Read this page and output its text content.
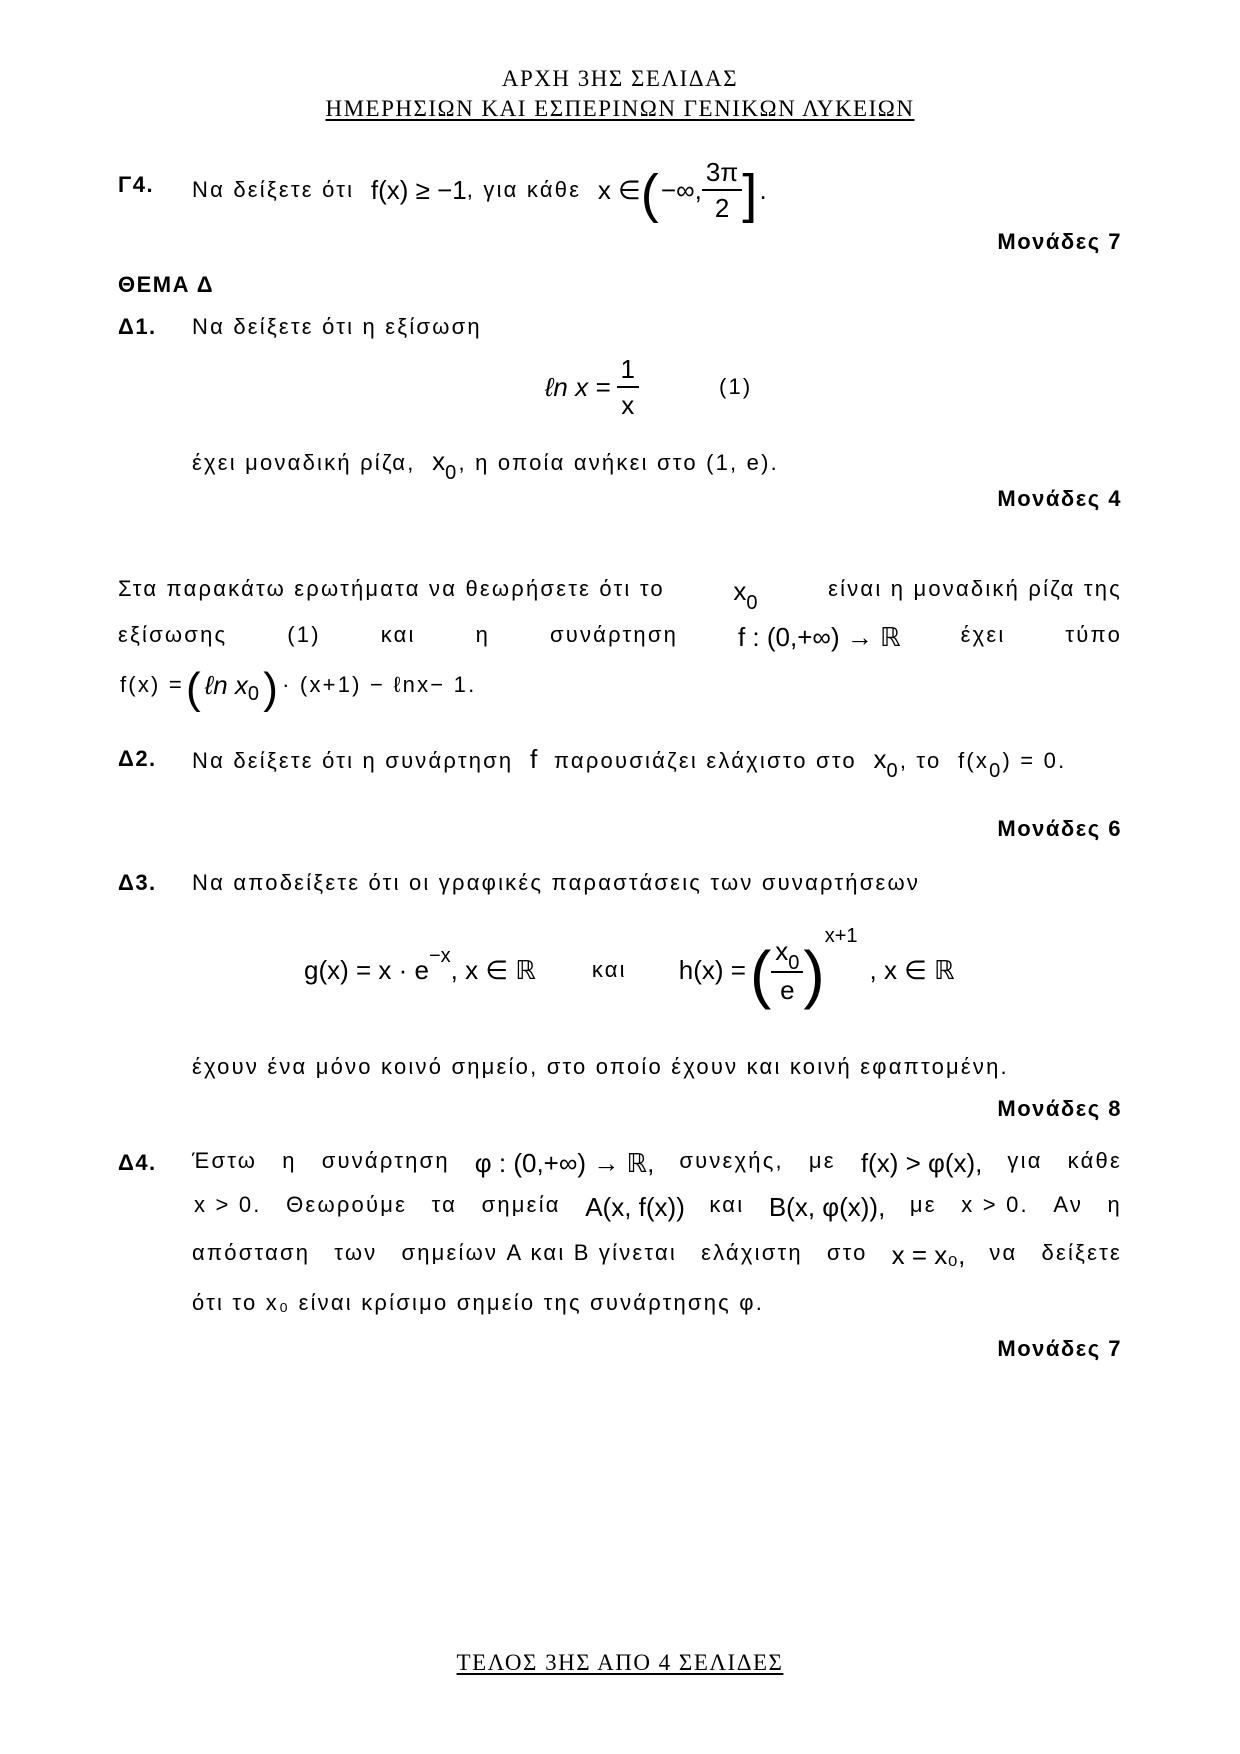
ΑΡΧΗ 3ΗΣ ΣΕΛΙΔΑΣ
ΗΜΕΡΗΣΙΩΝ ΚΑΙ ΕΣΠΕΡΙΝΩΝ ΓΕΝΙΚΩΝ ΛΥΚΕΙΩΝ
Γ4. Να δείξετε ότι
f(x) ≥ −1 , για κάθε
x ∈ ( −∞, $\frac{3\pi}{2}$ ] .
Μονάδες 7
ΘΕΜΑ Δ
Δ1. Να δείξετε ότι η εξίσωση
ℓn $x = \frac{1}{x}$	(1)
έχει μοναδική ρίζα, x0, η οποία ανήκει στο (1, e).
Μονάδες 4
Στα παρακάτω ερωτήματα να θεωρήσετε ότι το	x0
είναι η μοναδική ρίζα της
εξίσωσης	(1)	και	η	συνάρτηση f : (0,+∞) → ℝ	έχει	τύπο
f(x) = ( ℓn x 0 ) · (x+1) − ℓnx− 1.
Δ2. Να δείξετε ότι η συνάρτηση f παρουσιάζει ελάχιστο στο x0, το f(x0) = 0.
Μονάδες 6
Δ3. Να αποδείξετε ότι οι γραφικές παραστάσεις των συναρτήσεων
g(x) = x · e −x , x ∈ ℝ	και h(x) = ( $\frac{x_0}{e}$ )
x+1
, x ∈ ℝ
έχουν ένα μόνο κοινό σημείο, στο οποίο έχουν και κοινή εφαπτομένη.
Μονάδες 8
Δ4. Έστω η συνάρτηση φ : (0,+∞) → ℝ, συνεχής, με f(x) > φ(x), για κάθε
x > 0. Θεωρούμε τα σημεία A(x, f(x)) και B(x, φ(x)), με x > 0. Αν η
απόσταση των σημείων A και B γίνεται ελάχιστη στο x = x₀, να δείξετε
ότι το x₀ είναι κρίσιμο σημείο της συνάρτησης φ.
Μονάδες 7
ΤΕΛΟΣ 3ΗΣ ΑΠΟ 4 ΣΕΛΙΔΕΣ
